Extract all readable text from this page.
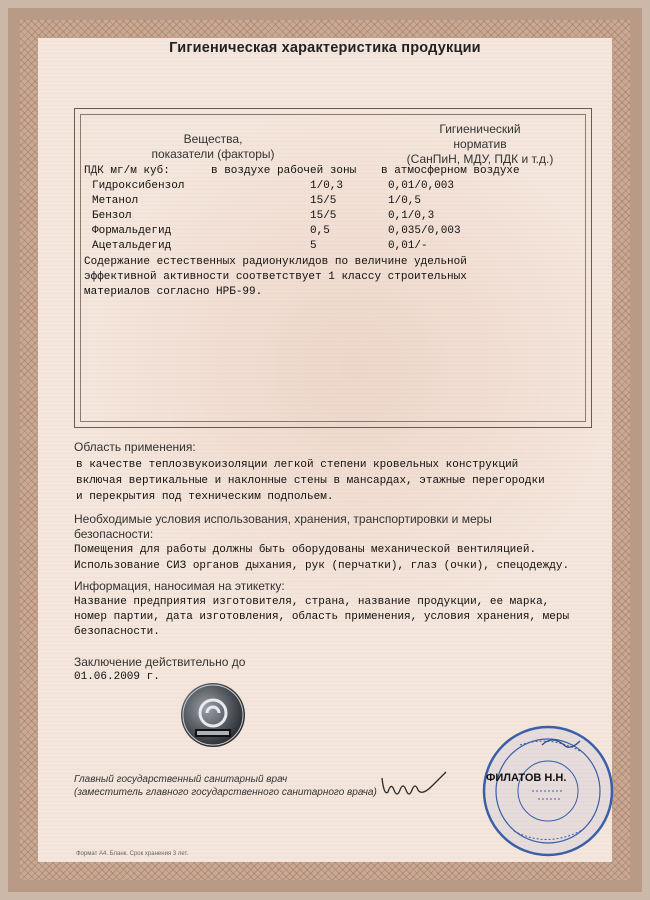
Гигиеническая характеристика продукции
Вещества,
показатели (факторы)
Гигиенический
норматив
(СанПиН, МДУ, ПДК и т.д.)
ПДК мг/м куб:	в воздухе рабочей зоны в атмосферном воздухе
Гидроксибензол	1/0,3	0,01/0,003
Метанол	15/5	1/0,5
Бензол	15/5	0,1/0,3
Формальдегид	0,5	0,035/0,003
Ацетальдегид	5	0,01/-
Содержание естественных радионуклидов по величине удельной
эффективной активности соответствует 1 классу строительных
материалов согласно НРБ-99.
Область применения:
в качестве теплозвукоизоляции легкой степени кровельных конструкций
включая вертикальные и наклонные стены в мансардах, этажные перегородки
и перекрытия под техническим подпольем.
Необходимые условия использования, хранения, транспортировки и меры
безопасности:
Помещения для работы должны быть оборудованы механической вентиляцией.
Использование СИЗ органов дыхания, рук (перчатки), глаз (очки), спецодежду.
Информация, наносимая на этикетку:
Название предприятия изготовителя, страна, название продукции, ее марка,
номер партии, дата изготовления, область применения, условия хранения, меры
безопасности.
Заключение действительно до
01.06.2009 г.
Главный государственный санитарный врач
(заместитель главного государственного санитарного врача)
ФИЛАТОВ Н.Н.
Формат А4. Бланк. Срок хранения 3 лет.
